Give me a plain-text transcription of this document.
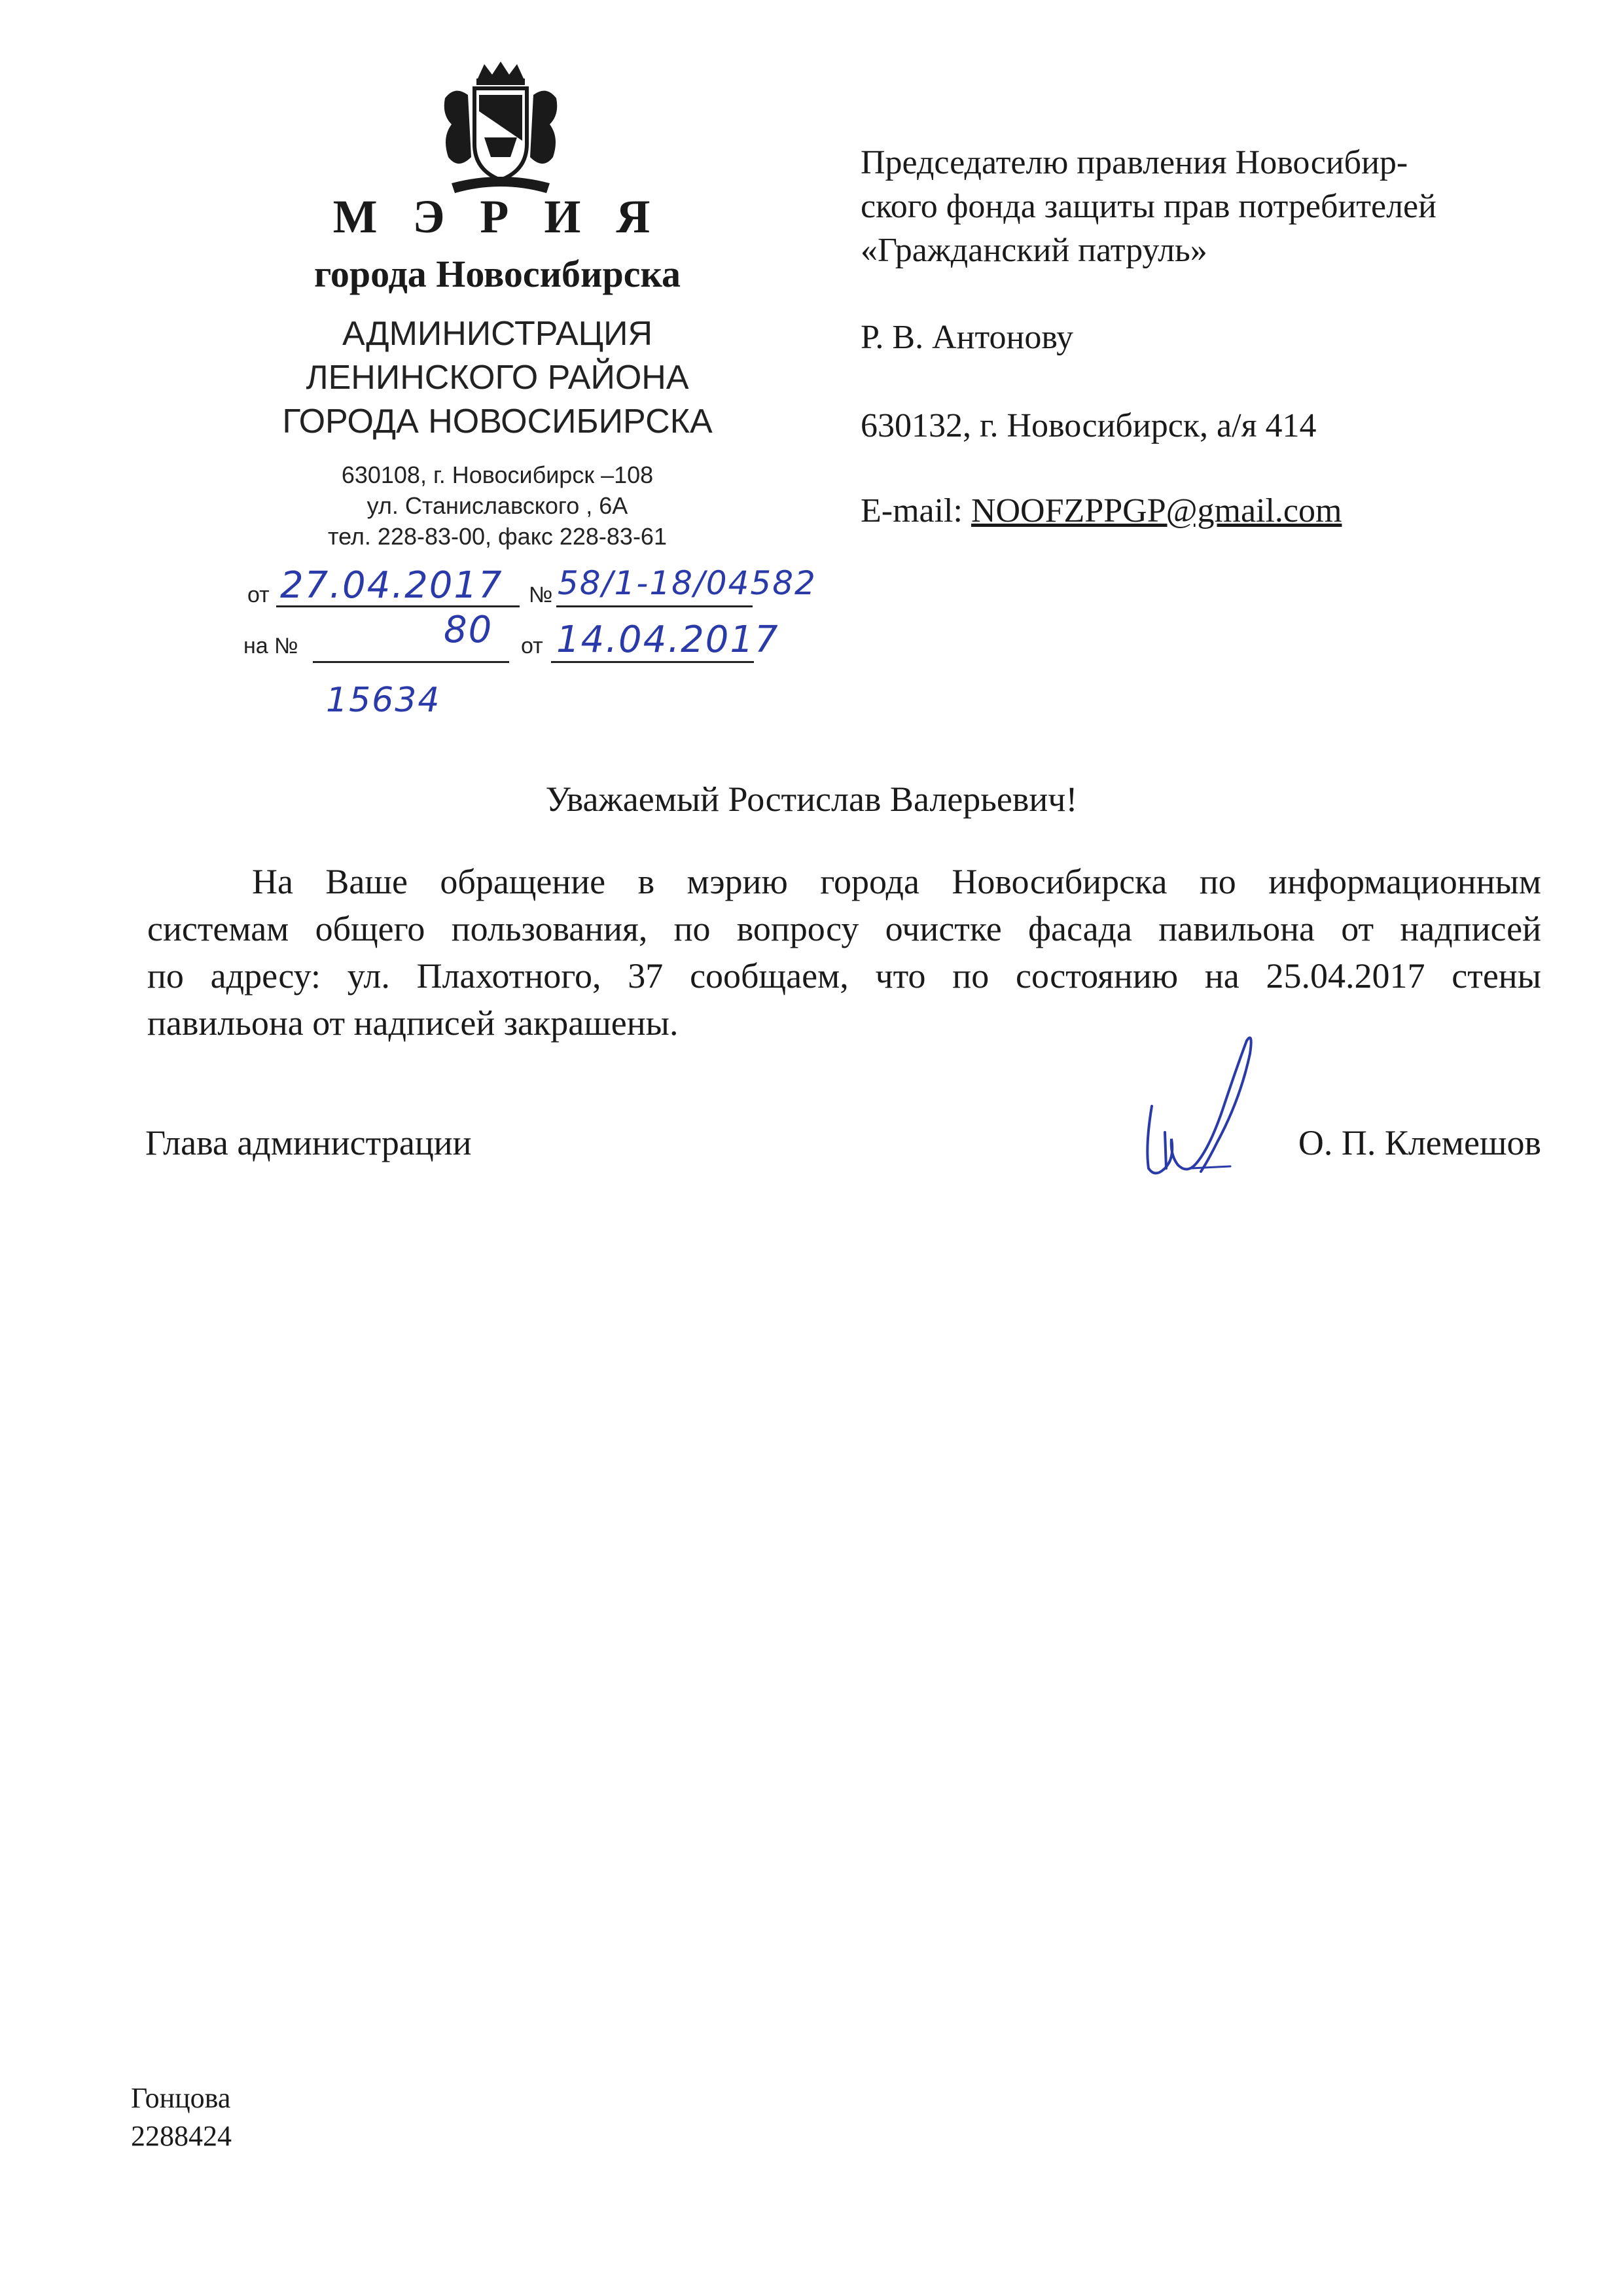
М Э Р И Я
города Новосибирска
АДМИНИСТРАЦИЯ
ЛЕНИНСКОГО РАЙОНА
ГОРОДА НОВОСИБИРСКА
630108, г. Новосибирск –108
ул. Станиславского , 6А
тел. 228-83-00, факс 228-83-61
от 27.04.2017 № 58/1-18/04582
на №	80 от 14.04.2017
15634
Председателю правления Новосибир-
ского фонда защиты прав потребителей
«Гражданский патруль»
Р. В. Антонову
630132, г. Новосибирск, а/я 414
E-mail: NOOFZPPGP@gmail.com
Уважаемый Ростислав Валерьевич!
На Ваше обращение в мэрию города Новосибирска по информационным
системам общего пользования, по вопросу очистке фасада павильона от надписей
по адресу: ул. Плахотного, 37 сообщаем, что по состоянию на 25.04.2017 стены
павильона от надписей закрашены.
Глава администрации	О. П. Клемешов
Гонцова
2288424
